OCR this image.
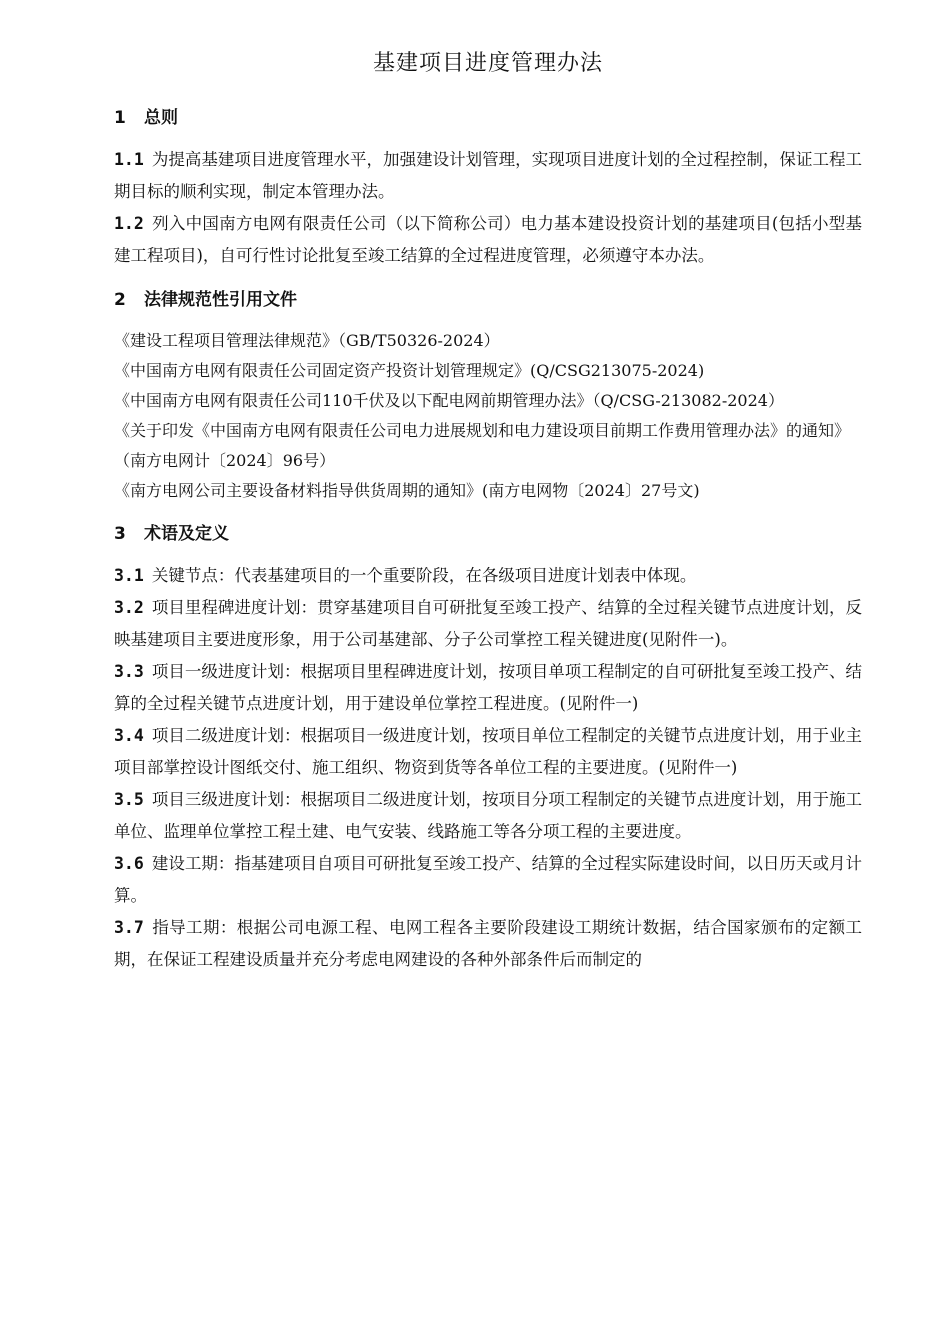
基建项目进度管理办法
1 总则

1.1 为提高基建项目进度管理水平，加强建设计划管理，实现项目进度计划的全过程控制，保证工程工期目标的顺利实现，制定本管理办法。

1.2 列入中国南方电网有限责任公司（以下简称公司）电力基本建设投资计划的基建项目(包括小型基建工程项目)，自可行性讨论批复至竣工结算的全过程进度管理，必须遵守本办法。

2 法律规范性引用文件
《建设工程项目管理法律规范》（GB/T50326-2024）
《中国南方电网有限责任公司固定资产投资计划管理规定》(Q/CSG213075-2024)
《中国南方电网有限责任公司110千伏及以下配电网前期管理办法》（Q/CSG-213082-2024）
《关于印发《中国南方电网有限责任公司电力进展规划和电力建设项目前期工作费用管理办法》的通知》（南方电网计〔2024〕96号）
《南方电网公司主要设备材料指导供货周期的通知》(南方电网物〔2024〕27号文)
3 术语及定义

3.1 关键节点：代表基建项目的一个重要阶段，在各级项目进度计划表中体现。

3.2 项目里程碑进度计划：贯穿基建项目自可研批复至竣工投产、结算的全过程关键节点进度计划，反映基建项目主要进度形象，用于公司基建部、分子公司掌控工程关键进度(见附件一)。

3.3 项目一级进度计划：根据项目里程碑进度计划，按项目单项工程制定的自可研批复至竣工投产、结算的全过程关键节点进度计划，用于建设单位掌控工程进度。(见附件一)

3.4 项目二级进度计划：根据项目一级进度计划，按项目单位工程制定的关键节点进度计划，用于业主项目部掌控设计图纸交付、施工组织、物资到货等各单位工程的主要进度。(见附件一)

3.5 项目三级进度计划：根据项目二级进度计划，按项目分项工程制定的关键节点进度计划，用于施工单位、监理单位掌控工程土建、电气安装、线路施工等各分项工程的主要进度。

3.6 建设工期：指基建项目自项目可研批复至竣工投产、结算的全过程实际建设时间，以日历天或月计算。

3.7 指导工期：根据公司电源工程、电网工程各主要阶段建设工期统计数据，结合国家颁布的定额工期，在保证工程建设质量并充分考虑电网建设的各种外部条件后而制定的
